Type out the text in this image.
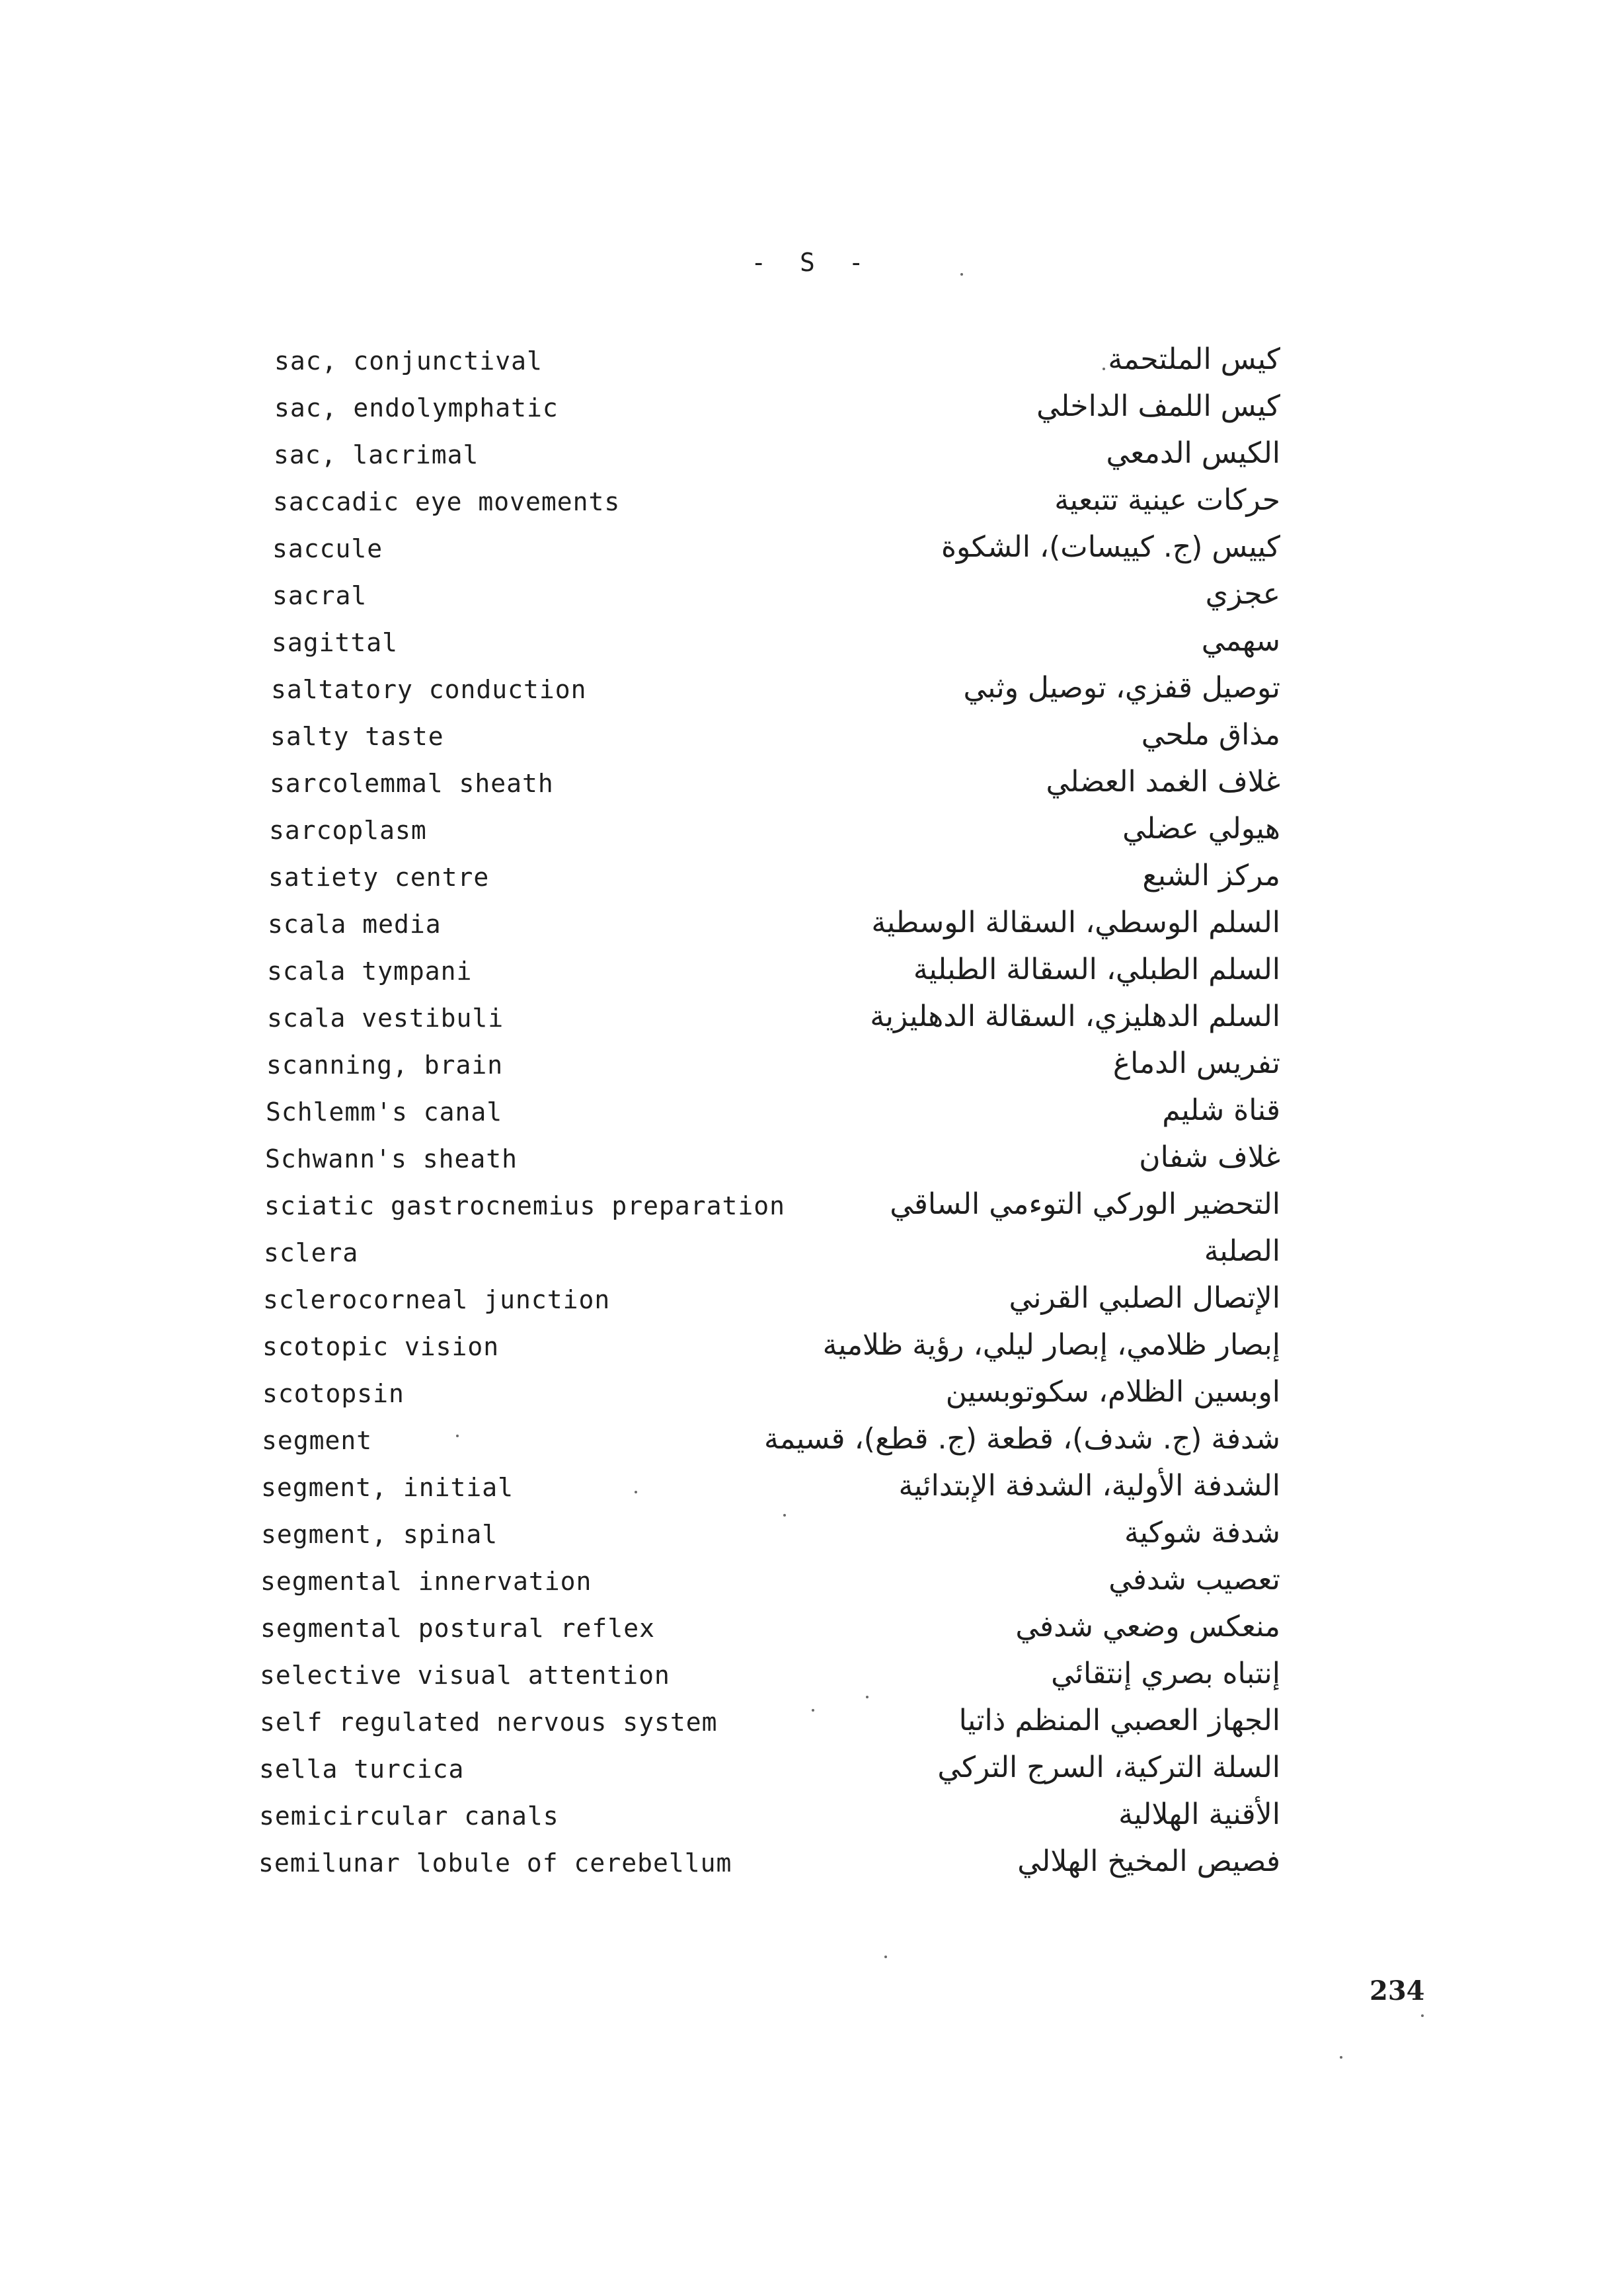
- S -
sac, conjunctival	كيس الملتحمة
sac, endolymphatic	كيس اللمف الداخلي
sac, lacrimal	الكيس الدمعي
saccadic eye movements	حركات عينية تتبعية
saccule	كييس (ج. كييسات)، الشكوة
sacral	عجزي
sagittal	سهمي
saltatory conduction	توصيل قفزي، توصيل وثبي
salty taste	مذاق ملحي
sarcolemmal sheath	غلاف الغمد العضلي
sarcoplasm	هيولي عضلي
satiety centre	مركز الشبع
scala media	السلم الوسطي، السقالة الوسطية
scala tympani	السلم الطبلي، السقالة الطبلية
scala vestibuli	السلم الدهليزي، السقالة الدهليزية
scanning, brain	تفريس الدماغ
Schlemm's canal	قناة شليم
Schwann's sheath	غلاف شفان
sciatic gastrocnemius preparation	التحضير الوركي التوءمي الساقي
sclera	الصلبة
sclerocorneal junction	الإتصال الصلبي القرني
scotopic vision	إبصار ظلامي، إبصار ليلي، رؤية ظلامية
scotopsin	اوبسين الظلام، سكوتوبسين
segment	شدفة (ج. شدف)، قطعة (ج. قطع)، قسيمة
segment, initial	الشدفة الأولية، الشدفة الإبتدائية
segment, spinal	شدفة شوكية
segmental innervation	تعصيب شدفي
segmental postural reflex	منعكس وضعي شدفي
selective visual attention	إنتباه بصري إنتقائي
self regulated nervous system	الجهاز العصبي المنظم ذاتيا
sella turcica	السلة التركية، السرج التركي
semicircular canals	الأقنية الهلالية
semilunar lobule of cerebellum	فصيص المخيخ الهلالي
234
